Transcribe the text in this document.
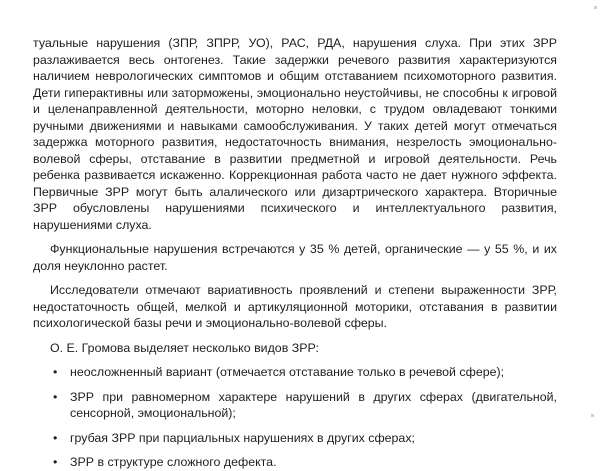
туальные нарушения (ЗПР, ЗПРР, УО), РАС, РДА, нарушения слуха. При этих ЗРР разлаживается весь онтогенез. Такие задержки речевого развития характеризуются наличием неврологических симптомов и общим отставанием психомоторного развития. Дети гиперактивны или заторможены, эмоционально неустойчивы, не способны к игровой и целенаправленной деятельности, моторно неловки, с трудом овладевают тонкими ручными движениями и навыками самообслуживания. У таких детей могут отмечаться задержка моторного развития, недостаточность внимания, незрелость эмоционально-волевой сферы, отставание в развитии предметной и игровой деятельности. Речь ребенка развивается искаженно. Коррекционная работа часто не дает нужного эффекта. Первичные ЗРР могут быть алалического или дизартрического характера. Вторичные ЗРР обусловлены нарушениями психического и интеллектуального развития, нарушениями слуха.

Функциональные нарушения встречаются у 35 % детей, органические — у 55 %, и их доля неуклонно растет.

Исследователи отмечают вариативность проявлений и степени выраженности ЗРР, недостаточность общей, мелкой и артикуляционной моторики, отставания в развитии психологической базы речи и эмоционально-волевой сферы.

О. Е. Громова выделяет несколько видов ЗРР:

• неосложненный вариант (отмечается отставание только в речевой сфере);
• ЗРР при равномерном характере нарушений в других сферах (двигательной, сенсорной, эмоциональной);
• грубая ЗРР при парциальных нарушениях в других сферах;
• ЗРР в структуре сложного дефекта.
